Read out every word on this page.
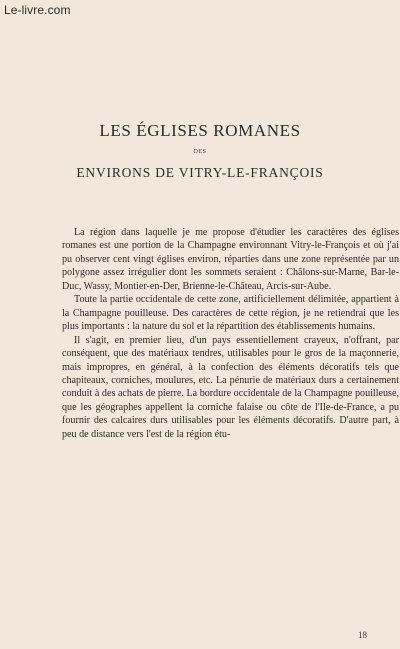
Le-livre.com
LES ÉGLISES ROMANES
DES
ENVIRONS DE VITRY-LE-FRANÇOIS

La région dans laquelle je me propose d'étudier les caractères des églises romanes est une portion de la Champagne environnant Vitry-le-François et où j'ai pu observer cent vingt églises environ, réparties dans une zone représentée par un polygone assez irrégulier dont les sommets seraient : Châlons-sur-Marne, Bar-le-Duc, Wassy, Montier-en-Der, Brienne-le-Château, Arcis-sur-Aube.

Toute la partie occidentale de cette zone, artificiellement délimitée, appartient à la Champagne pouilleuse. Des caractères de cette région, je ne retiendrai que les plus importants : la nature du sol et la répartition des établissements humains.

Il s'agit, en premier lieu, d'un pays essentiellement crayeux, n'offrant, par conséquent, que des matériaux tendres, utilisables pour le gros de la maçonnerie, mais impropres, en général, à la confection des éléments décoratifs tels que chapiteaux, corniches, moulures, etc. La pénurie de matériaux durs a certainement conduit à des achats de pierre. La bordure occidentale de la Champagne pouilleuse, que les géographes appellent la corniche falaise ou côte de l'Ile-de-France, a pu fournir des calcaires durs utilisables pour les éléments décoratifs. D'autre part, à peu de distance vers l'est de la région étu-

18
